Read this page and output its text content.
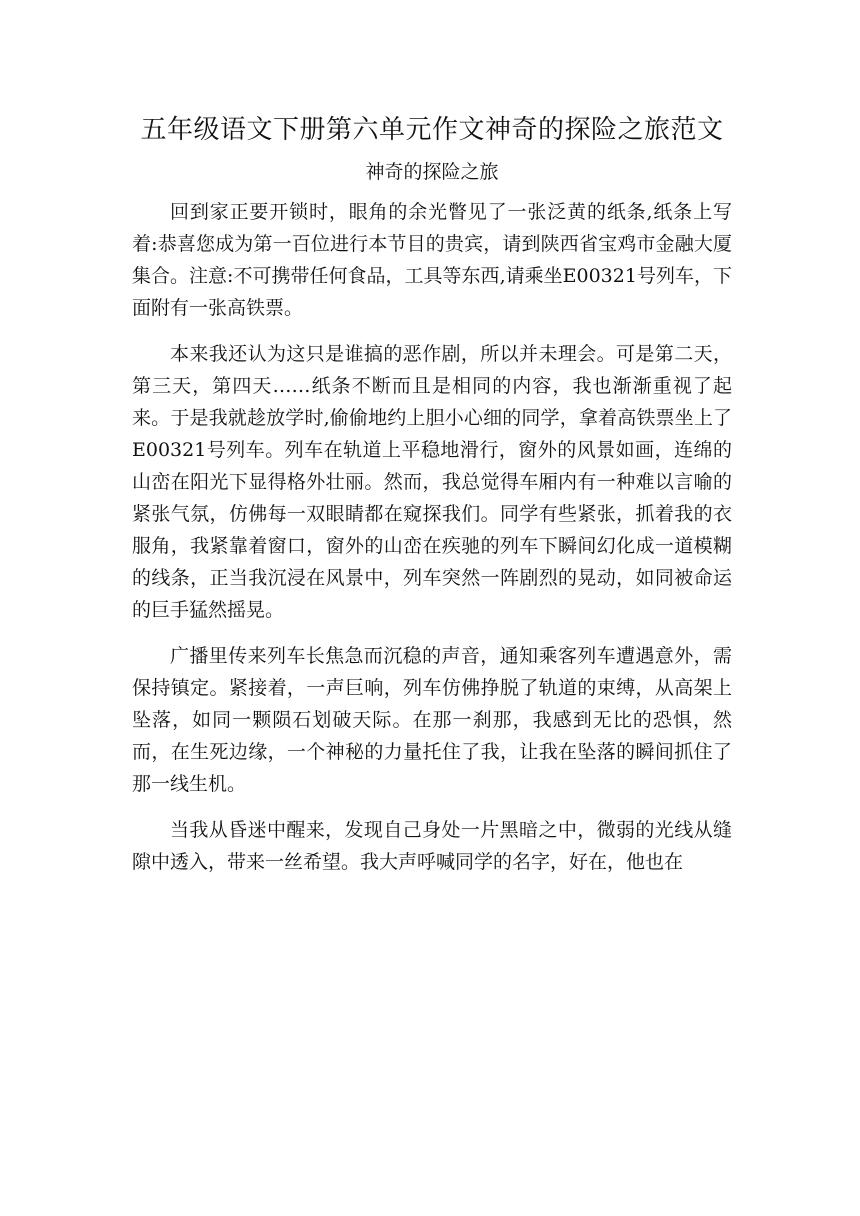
五年级语文下册第六单元作文神奇的探险之旅范文
神奇的探险之旅

回到家正要开锁时，眼角的余光瞥见了一张泛黄的纸条,纸条上写着:恭喜您成为第一百位进行本节目的贵宾，请到陕西省宝鸡市金融大厦集合。注意:不可携带任何食品，工具等东西,请乘坐E00321号列车，下面附有一张高铁票。

本来我还认为这只是谁搞的恶作剧，所以并未理会。可是第二天，第三天，第四天……纸条不断而且是相同的内容，我也渐渐重视了起来。于是我就趁放学时,偷偷地约上胆小心细的同学，拿着高铁票坐上了E00321号列车。列车在轨道上平稳地滑行，窗外的风景如画，连绵的山峦在阳光下显得格外壮丽。然而，我总觉得车厢内有一种难以言喻的紧张气氛，仿佛每一双眼睛都在窥探我们。同学有些紧张，抓着我的衣服角，我紧靠着窗口，窗外的山峦在疾驰的列车下瞬间幻化成一道模糊的线条，正当我沉浸在风景中，列车突然一阵剧烈的晃动，如同被命运的巨手猛然摇晃。

广播里传来列车长焦急而沉稳的声音，通知乘客列车遭遇意外，需保持镇定。紧接着，一声巨响，列车仿佛挣脱了轨道的束缚，从高架上坠落，如同一颗陨石划破天际。在那一刹那，我感到无比的恐惧，然而，在生死边缘，一个神秘的力量托住了我，让我在坠落的瞬间抓住了那一线生机。

当我从昏迷中醒来，发现自己身处一片黑暗之中，微弱的光线从缝隙中透入，带来一丝希望。我大声呼喊同学的名字，好在，他也在
